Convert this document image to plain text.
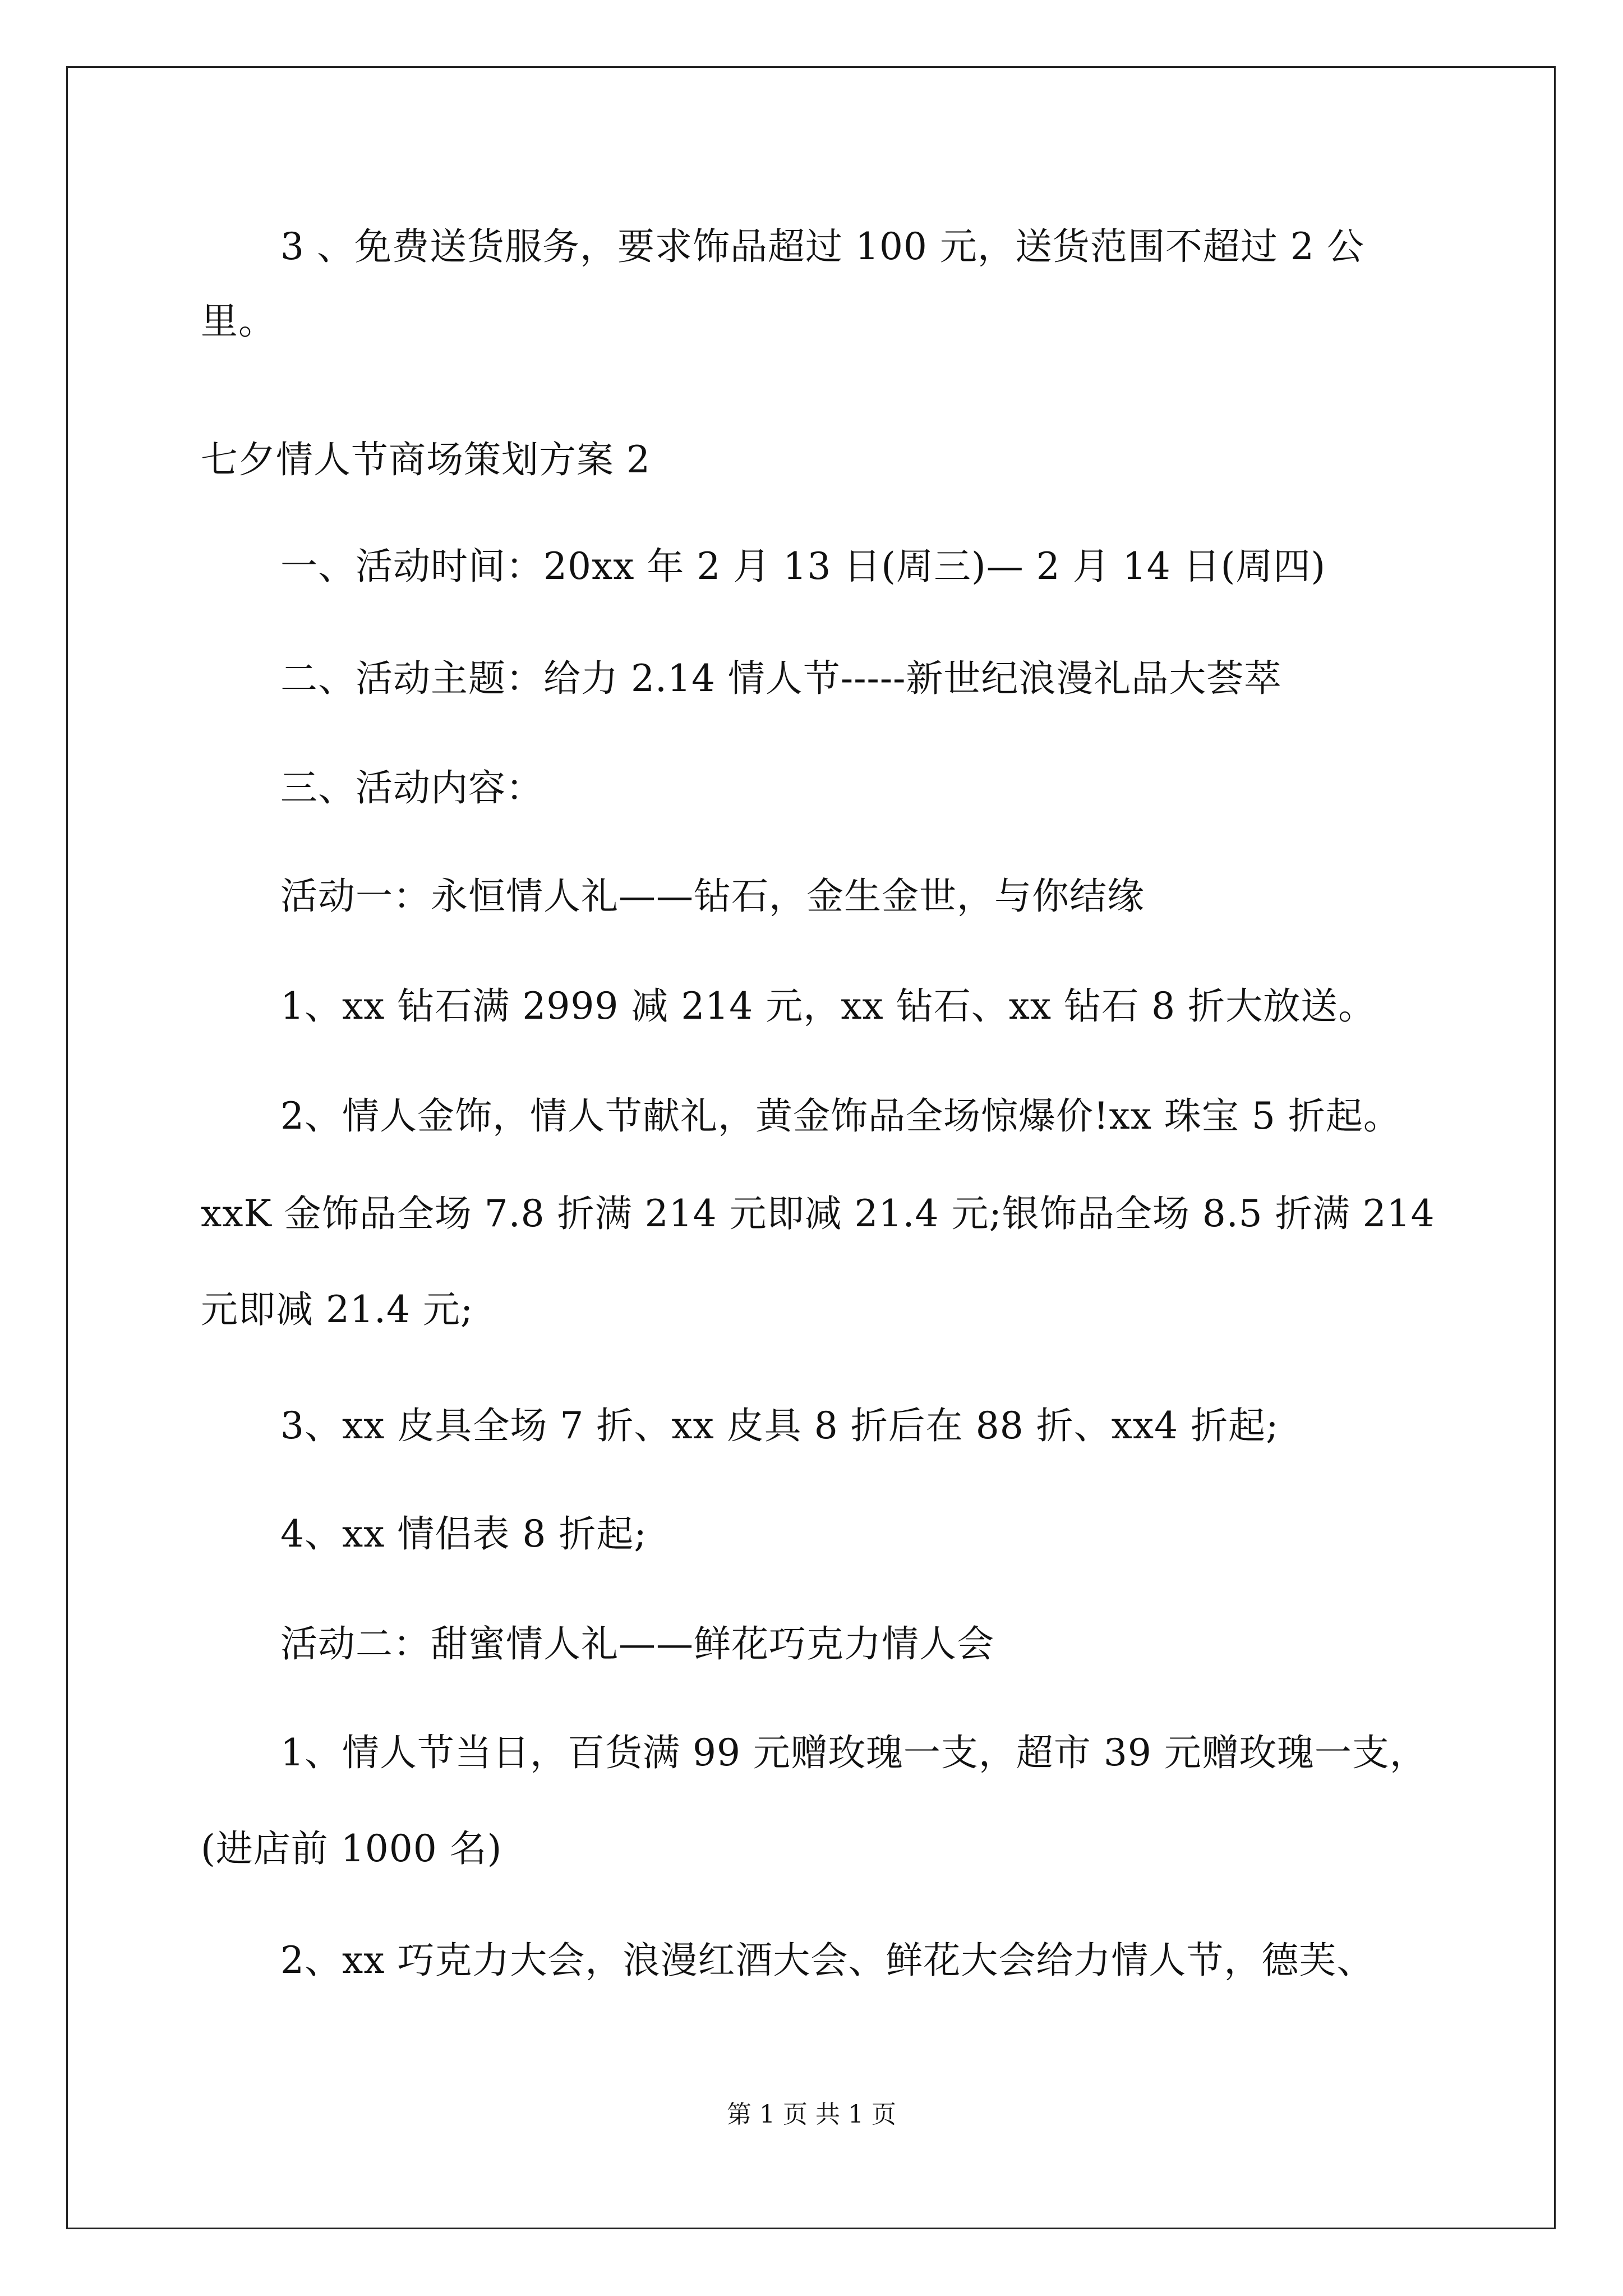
3 、免费送货服务，要求饰品超过 100 元，送货范围不超过 2 公
里。
七夕情人节商场策划方案 2
一、活动时间：20xx 年 2 月 13 日(周三)— 2 月 14 日(周四)
二、活动主题：给力 2.14 情人节-----新世纪浪漫礼品大荟萃
三、活动内容：
活动一：永恒情人礼——钻石，金生金世，与你结缘
1、xx 钻石满 2999 减 214 元，xx 钻石、xx 钻石 8 折大放送。
2、情人金饰，情人节献礼，黄金饰品全场惊爆价!xx 珠宝 5 折起。
xxK 金饰品全场 7.8 折满 214 元即减 21.4 元;银饰品全场 8.5 折满 214
元即减 21.4 元;
3、xx 皮具全场 7 折、xx 皮具 8 折后在 88 折、xx4 折起;
4、xx 情侣表 8 折起;
活动二：甜蜜情人礼——鲜花巧克力情人会
1、情人节当日，百货满 99 元赠玫瑰一支，超市 39 元赠玫瑰一支，
(进店前 1000 名)
2、xx 巧克力大会，浪漫红酒大会、鲜花大会给力情人节，德芙、
第 1 页 共 1 页
